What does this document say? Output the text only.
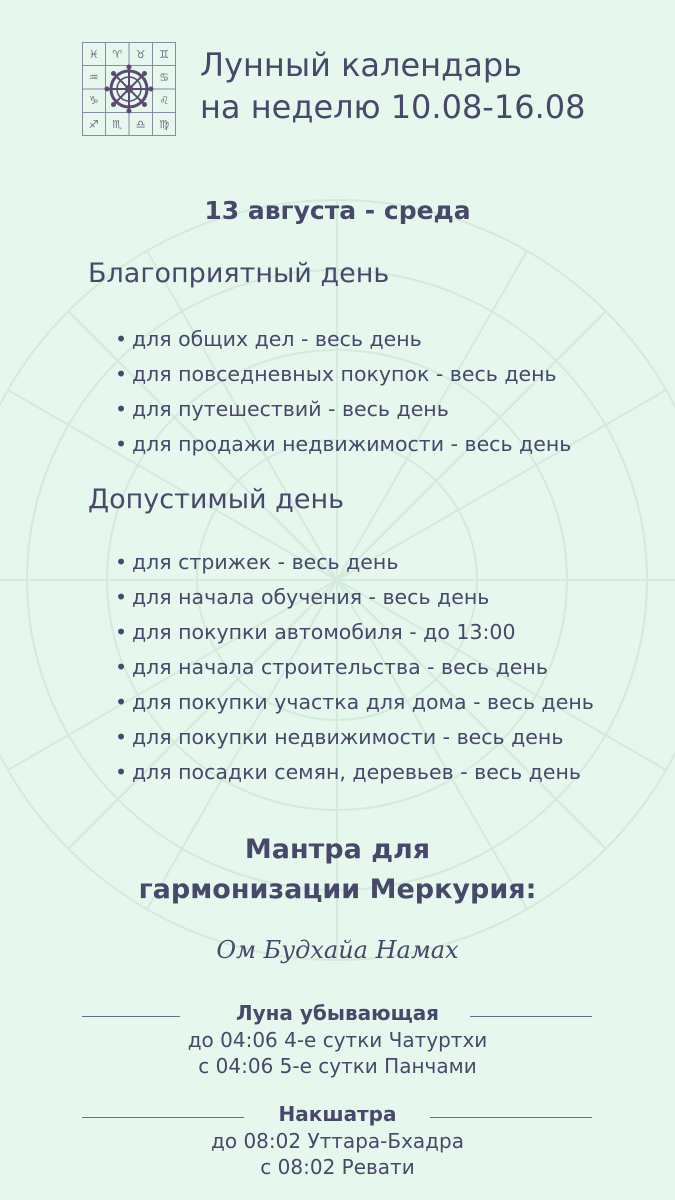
♓ ♈ ♉ ♊
♒	♋
♑	♌
♐ ♏ ♎ ♍
Лунный календарь
на неделю 10.08-16.08
13 августа - среда
Благоприятный день
• для общих дел - весь день
• для повседневных покупок - весь день
• для путешествий - весь день
• для продажи недвижимости - весь день
Допустимый день
• для стрижек - весь день
• для начала обучения - весь день
• для покупки автомобиля - до 13:00
• для начала строительства - весь день
• для покупки участка для дома - весь день
• для покупки недвижимости - весь день
• для посадки семян, деревьев - весь день
Мантра для
гармонизации Меркурия:
Ом Будхайа Намах
Луна убывающая
до 04:06 4-е сутки Чатуртхи
с 04:06 5-е сутки Панчами
Накшатра
до 08:02 Уттара-Бхадра
с 08:02 Ревати
